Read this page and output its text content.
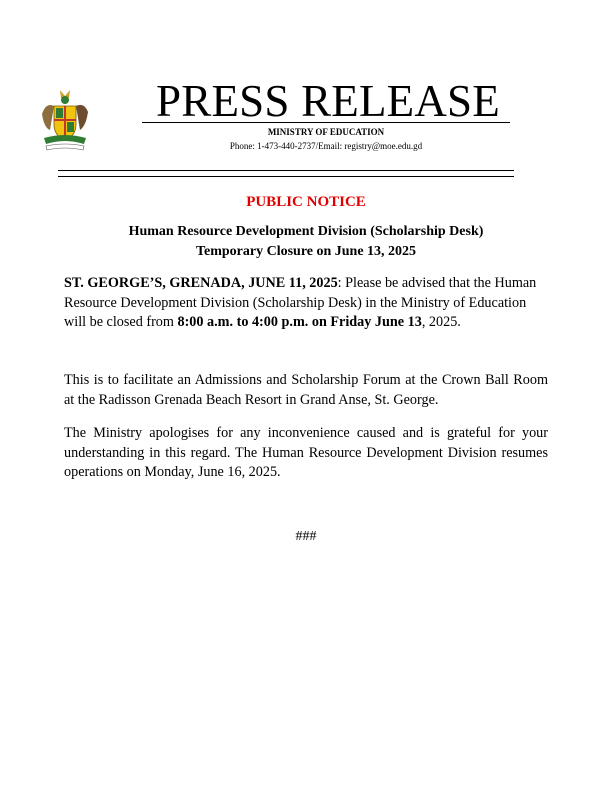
PRESS RELEASE
MINISTRY OF EDUCATION
Phone: 1-473-440-2737/Email: registry@moe.edu.gd
PUBLIC NOTICE
Human Resource Development Division (Scholarship Desk)
Temporary Closure on June 13, 2025

ST. GEORGE’S, GRENADA, JUNE 11, 2025: Please be advised that the Human Resource Development Division (Scholarship Desk) in the Ministry of Education will be closed from 8:00 a.m. to 4:00 p.m. on Friday June 13, 2025.

This is to facilitate an Admissions and Scholarship Forum at the Crown Ball Room at the Radisson Grenada Beach Resort in Grand Anse, St. George.

The Ministry apologises for any inconvenience caused and is grateful for your understanding in this regard. The Human Resource Development Division resumes operations on Monday, June 16, 2025.

###
